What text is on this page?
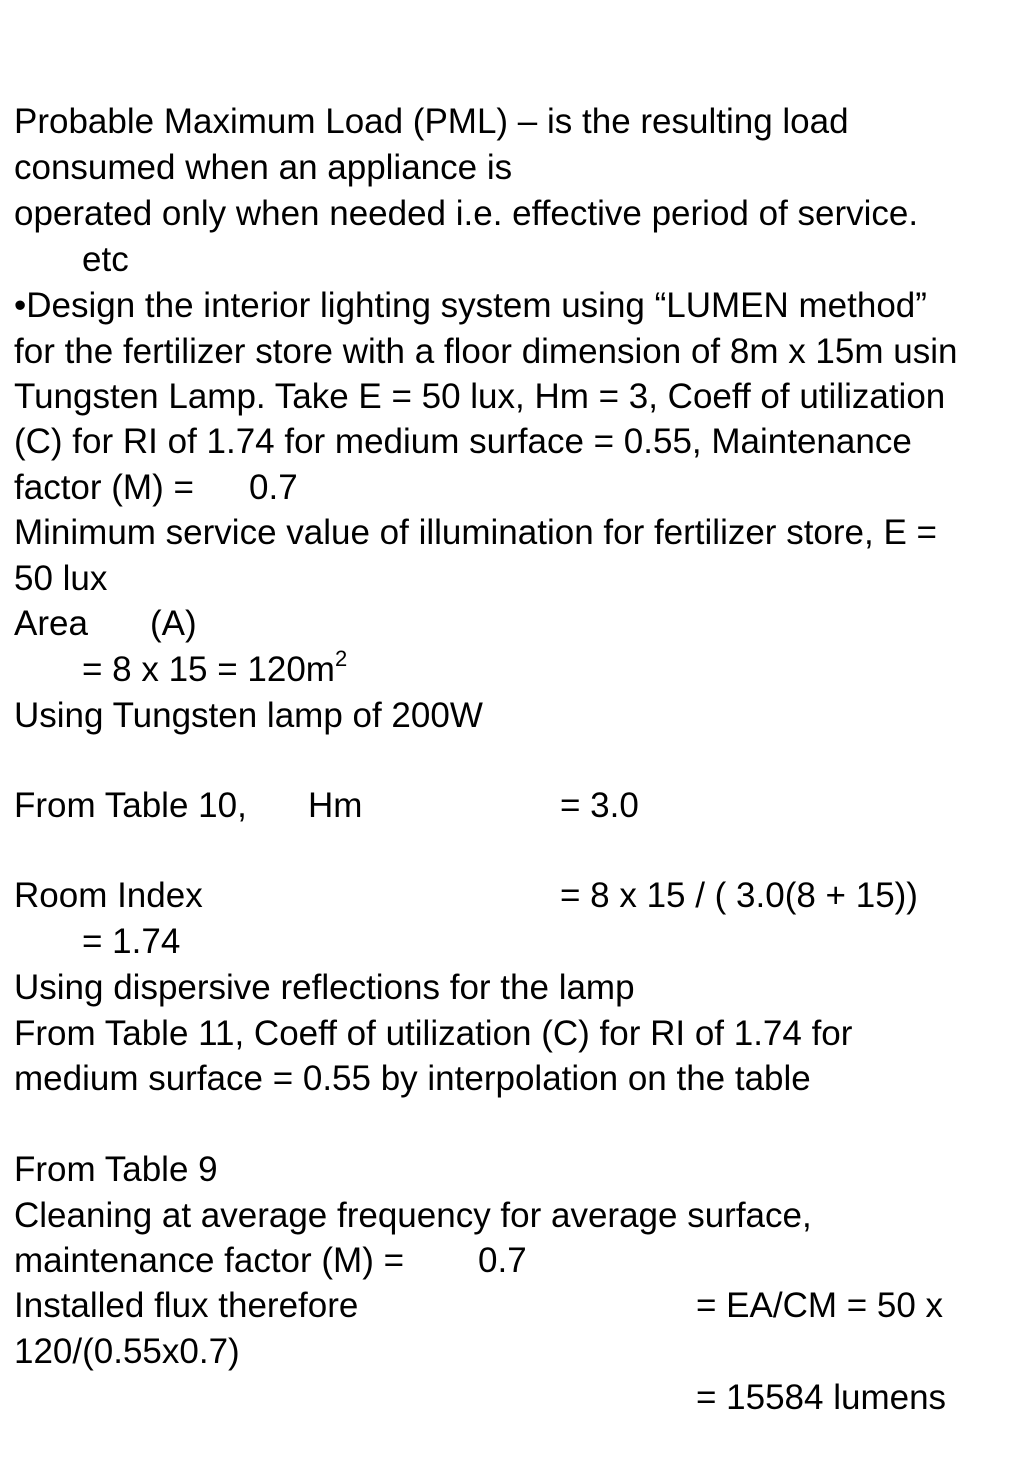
Probable Maximum Load (PML) – is the resulting load
consumed when an appliance is
operated only when needed i.e. effective period of service.
etc
•Design the interior lighting system using “LUMEN method”
for the fertilizer store with a floor dimension of 8m x 15m usin
Tungsten Lamp. Take E = 50 lux, Hm = 3, Coeff of utilization
(C) for RI of 1.74 for medium surface = 0.55, Maintenance
factor (M) = 0.7
Minimum service value of illumination for fertilizer store, E =
50 lux
Area (A)
= 8 x $15 = 120m^2$
Using Tungsten lamp of 200W
From Table 10, Hm	= 3.0
Room Index	= 8 x 15 / ( 3.0(8 + 15))
= 1.74
Using dispersive reflections for the lamp
From Table 11, Coeff of utilization (C) for RI of 1.74 for
medium surface = 0.55 by interpolation on the table
From Table 9
Cleaning at average frequency for average surface,
maintenance factor (M) = 0.7
Installed flux therefore	= EA/CM = 50 x
120/(0.55x0.7)
= 15584 lumens
